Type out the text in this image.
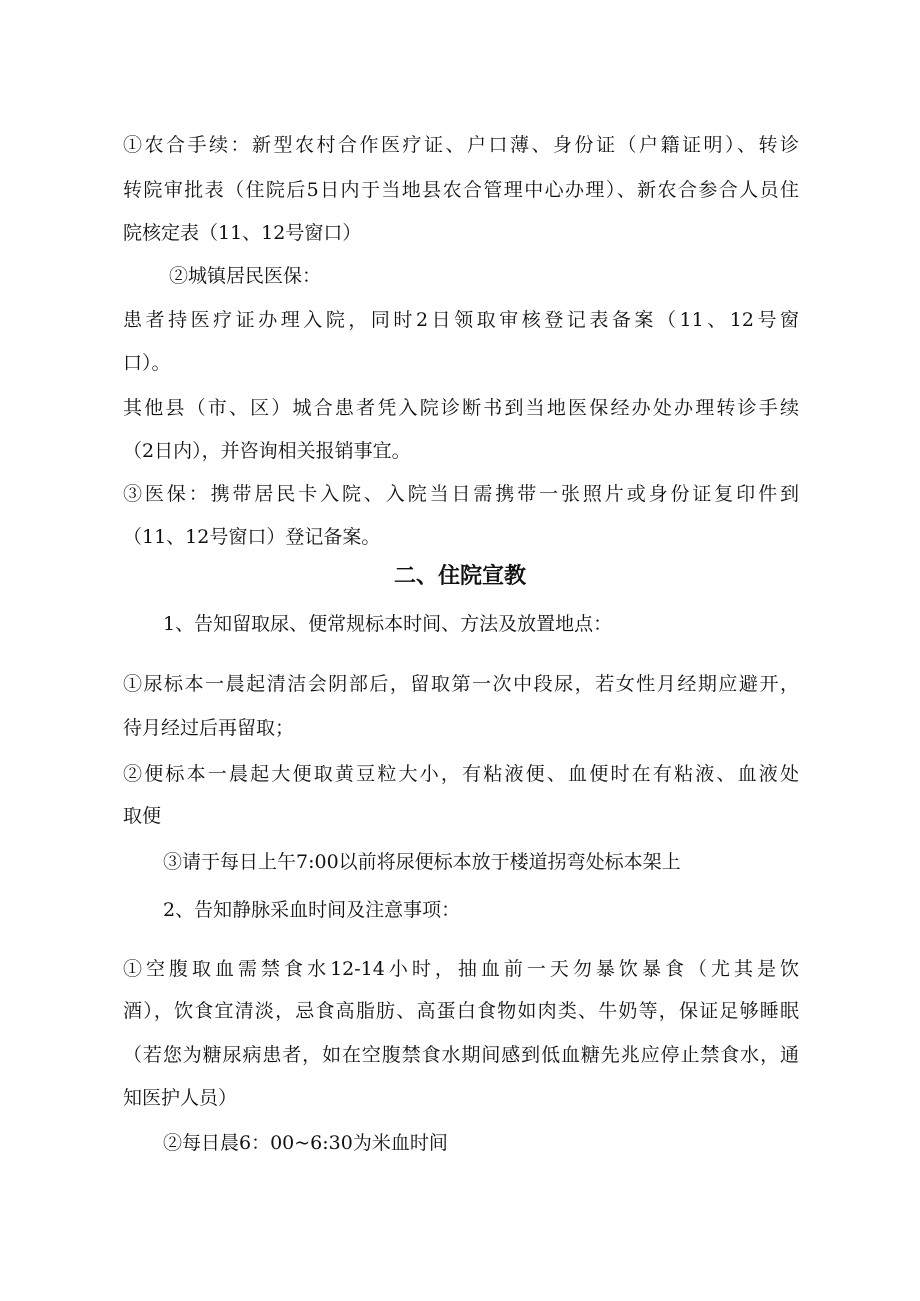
①农合手续：新型农村合作医疗证、户口薄、身份证（户籍证明）、转诊

转院审批表（住院后5日内于当地县农合管理中心办理）、新农合参合人员住

院核定表（11、12号窗口）

②城镇居民医保：

患者持医疗证办理入院，同时2日领取审核登记表备案（11、12号窗

口）。

其他县（市、区）城合患者凭入院诊断书到当地医保经办处办理转诊手续

（2日内），并咨询相关报销事宜。

③医保：携带居民卡入院、入院当日需携带一张照片或身份证复印件到

（11、12号窗口）登记备案。

二、住院宣教

1、告知留取尿、便常规标本时间、方法及放置地点：

①尿标本一晨起清洁会阴部后，留取第一次中段尿，若女性月经期应避开，

待月经过后再留取；

②便标本一晨起大便取黄豆粒大小，有粘液便、血便时在有粘液、血液处

取便

③请于每日上午7:00以前将尿便标本放于楼道拐弯处标本架上

2、告知静脉采血时间及注意事项：

①空腹取血需禁食水12-14小时，抽血前一天勿暴饮暴食（尤其是饮

酒），饮食宜清淡，忌食高脂肪、高蛋白食物如肉类、牛奶等，保证足够睡眠

（若您为糖尿病患者，如在空腹禁食水期间感到低血糖先兆应停止禁食水，通

知医护人员）

②每日晨6：00~6:30为米血时间
